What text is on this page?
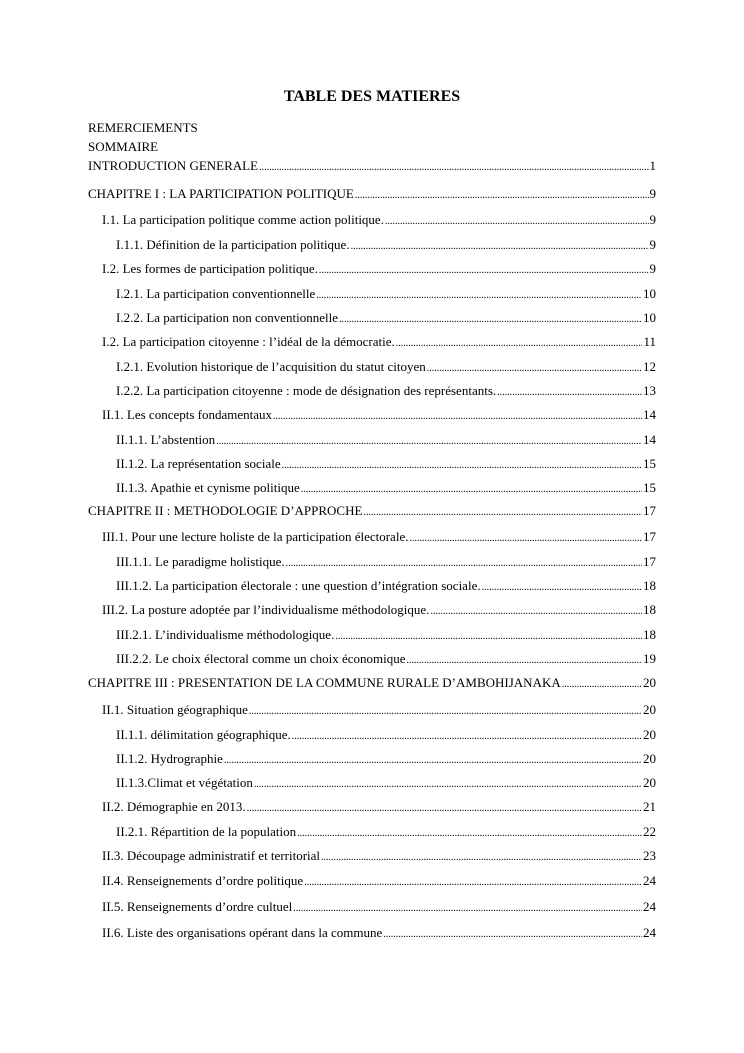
TABLE DES MATIERES
REMERCIEMENTS
SOMMAIRE
INTRODUCTION GENERALE .....	1
CHAPITRE I : LA PARTICIPATION POLITIQUE .....	9
I.1. La participation politique comme action politique. .....	9
I.1.1. Définition de la participation politique. .....	9
I.2. Les formes de participation politique. .....	9
I.2.1. La participation conventionnelle .....	10
I.2.2. La participation non conventionnelle .....	10
I.2. La participation citoyenne : l’idéal de la démocratie. .....	11
I.2.1. Evolution historique de l’acquisition du statut citoyen .....	12
I.2.2. La participation citoyenne : mode de désignation des représentants. .....	13
II.1. Les concepts fondamentaux .....	14
II.1.1. L’abstention .....	14
II.1.2. La représentation sociale .....	15
II.1.3. Apathie et cynisme politique .....	15
CHAPITRE II : METHODOLOGIE D’APPROCHE .....	17
III.1. Pour une lecture holiste de la participation électorale. .....	17
III.1.1. Le paradigme holistique. .....	17
III.1.2. La participation électorale : une question d’intégration sociale. .....	18
III.2. La posture adoptée par l’individualisme méthodologique. .....	18
III.2.1. L’individualisme méthodologique. .....	18
III.2.2. Le choix électoral comme un choix économique .....	19
CHAPITRE III : PRESENTATION DE LA COMMUNE RURALE D’AMBOHIJANAKA .....	20
II.1. Situation géographique .....	20
II.1.1. délimitation géographique. .....	20
II.1.2. Hydrographie .....	20
II.1.3.Climat et végétation .....	20
II.2. Démographie en 2013. .....	21
II.2.1. Répartition de la population .....	22
II.3. Découpage administratif et territorial .....	23
II.4. Renseignements d’ordre politique .....	24
II.5. Renseignements d’ordre cultuel .....	24
II.6. Liste des organisations opérant dans la commune .....	24
